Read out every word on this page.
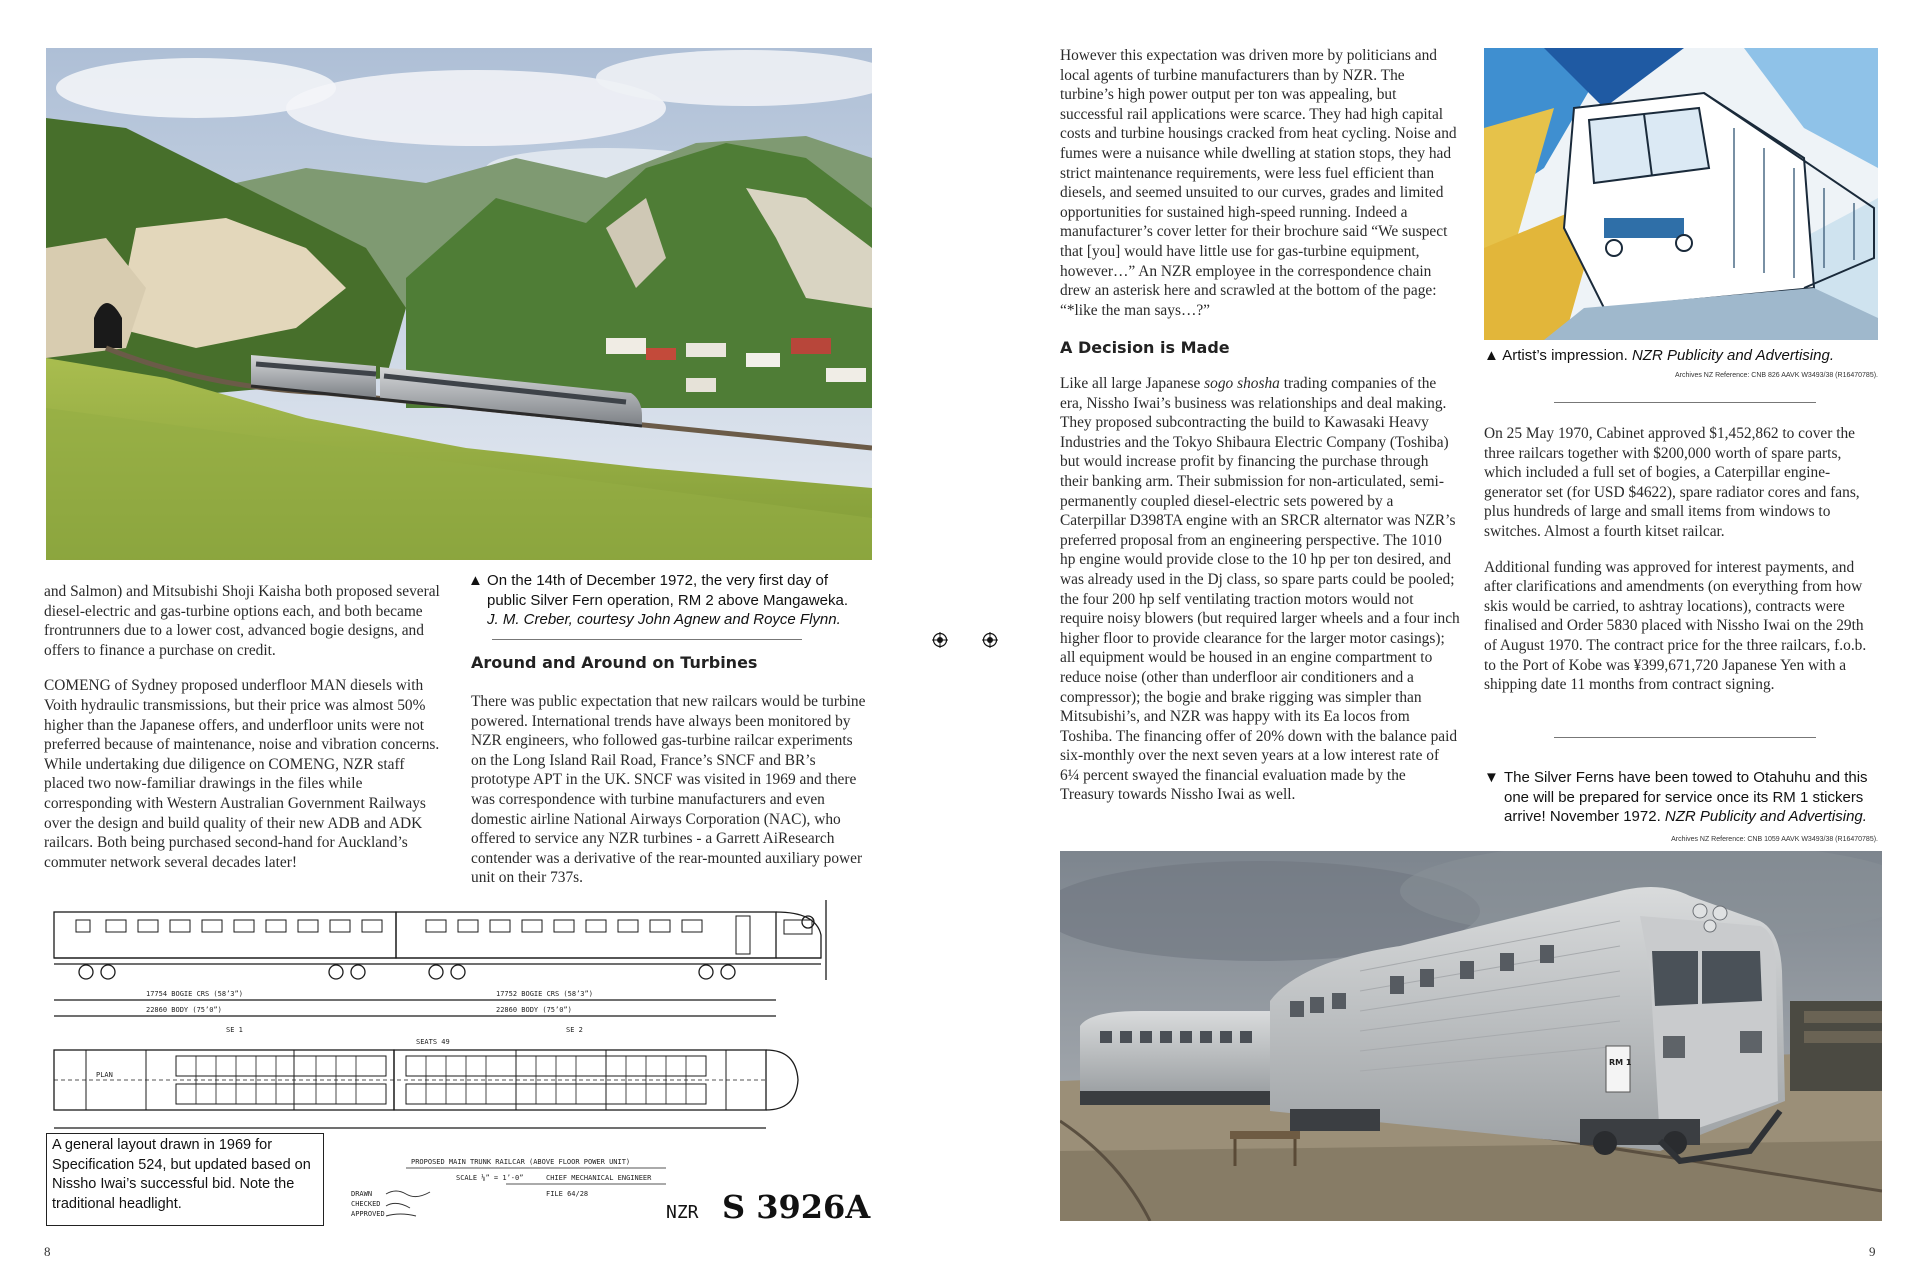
▲ On the 14th of December 1972, the very first day of
public Silver Fern operation, RM 2 above Mangaweka.
J. M. Creber, courtesy John Agnew and Royce Flynn.

and Salmon) and Mitsubishi Shoji Kaisha both proposed several diesel-electric and gas-turbine options each, and both became frontrunners due to a lower cost, advanced bogie designs, and offers to finance a purchase on credit.

COMENG of Sydney proposed underfloor MAN diesels with Voith hydraulic transmissions, but their price was almost 50% higher than the Japanese offers, and underfloor units were not preferred because of maintenance, noise and vibration concerns. While undertaking due diligence on COMENG, NZR staff placed two now-familiar drawings in the files while corresponding with Western Australian Government Railways over the design and build quality of their new ADB and ADK railcars. Both being purchased second-hand for Auckland’s commuter network several decades later!

Around and Around on Turbines

There was public expectation that new railcars would be turbine powered. International trends have always been monitored by NZR engineers, who followed gas-turbine railcar experiments on the Long Island Rail Road, France’s SNCF and BR’s prototype APT in the UK. SNCF was visited in 1969 and there was correspondence with turbine manufacturers and even domestic airline National Airways Corporation (NAC), who offered to service any NZR turbines - a Garrett AiResearch contender was a derivative of the rear-mounted auxiliary power unit on their 737s.

17754 BOGIE CRS (58’3”)	17752 BOGIE CRS (58’3”)
22860 BODY (75’0”)	22860 BODY (75’0”)
SE 1	SE 2
PLAN
SEATS 49
PROPOSED MAIN TRUNK RAILCAR (ABOVE FLOOR POWER UNIT)
SCALE ⅛” = 1’-0”
DRAWN
CHECKED
APPROVED
FILE 64/28
CHIEF MECHANICAL ENGINEER
NZR S 3926A
A general layout drawn in 1969 for Specification 524, but updated based on Nissho Iwai’s successful bid. Note the traditional headlight.
8

However this expectation was driven more by politicians and local agents of turbine manufacturers than by NZR. The turbine’s high power output per ton was appealing, but successful rail applications were scarce. They had high capital costs and turbine housings cracked from heat cycling. Noise and fumes were a nuisance while dwelling at station stops, they had strict maintenance requirements, were less fuel efficient than diesels, and seemed unsuited to our curves, grades and limited opportunities for sustained high-speed running. Indeed a manufacturer’s cover letter for their brochure said “We suspect that [you] would have little use for gas-turbine equipment, however…” An NZR employee in the correspondence chain drew an asterisk here and scrawled at the bottom of the page: “*like the man says…?”

A Decision is Made

Like all large Japanese sogo shosha trading companies of the era, Nissho Iwai’s business was relationships and deal making. They proposed subcontracting the build to Kawasaki Heavy Industries and the Tokyo Shibaura Electric Company (Toshiba) but would increase profit by financing the purchase through their banking arm. Their submission for non-articulated, semi-permanently coupled diesel-electric sets powered by a Caterpillar D398TA engine with an SRCR alternator was NZR’s preferred proposal from an engineering perspective. The 1010 hp engine would provide close to the 10 hp per ton desired, and was already used in the Dj class, so spare parts could be pooled; the four 200 hp self ventilating traction motors would not require noisy blowers (but required larger wheels and a four inch higher floor to provide clearance for the larger motor casings); all equipment would be housed in an engine compartment to reduce noise (other than underfloor air conditioners and a compressor); the bogie and brake rigging was simpler than Mitsubishi’s, and NZR was happy with its Ea locos from Toshiba. The financing offer of 20% down with the balance paid six-monthly over the next seven years at a low interest rate of 6¼ percent swayed the financial evaluation made by the Treasury towards Nissho Iwai as well.

▲ Artist’s impression. NZR Publicity and Advertising.
Archives NZ Reference: CNB 826 AAVK W3493/38 (R16470785).

On 25 May 1970, Cabinet approved $1,452,862 to cover the three railcars together with $200,000 worth of spare parts, which included a full set of bogies, a Caterpillar engine-generator set (for USD $4622), spare radiator cores and fans, plus hundreds of large and small items from windows to switches. Almost a fourth kitset railcar.

Additional funding was approved for interest payments, and after clarifications and amendments (on everything from how skis would be carried, to ashtray locations), contracts were finalised and Order 5830 placed with Nissho Iwai on the 29th of August 1970. The contract price for the three railcars, f.o.b. to the Port of Kobe was ¥399,671,720 Japanese Yen with a shipping date 11 months from contract signing.

▼ The Silver Ferns have been towed to Otahuhu and this one will be prepared for service once its RM 1 stickers arrive! November 1972. NZR Publicity and Advertising.
Archives NZ Reference: CNB 1059 AAVK W3493/38 (R16470785).
RM 1
9
